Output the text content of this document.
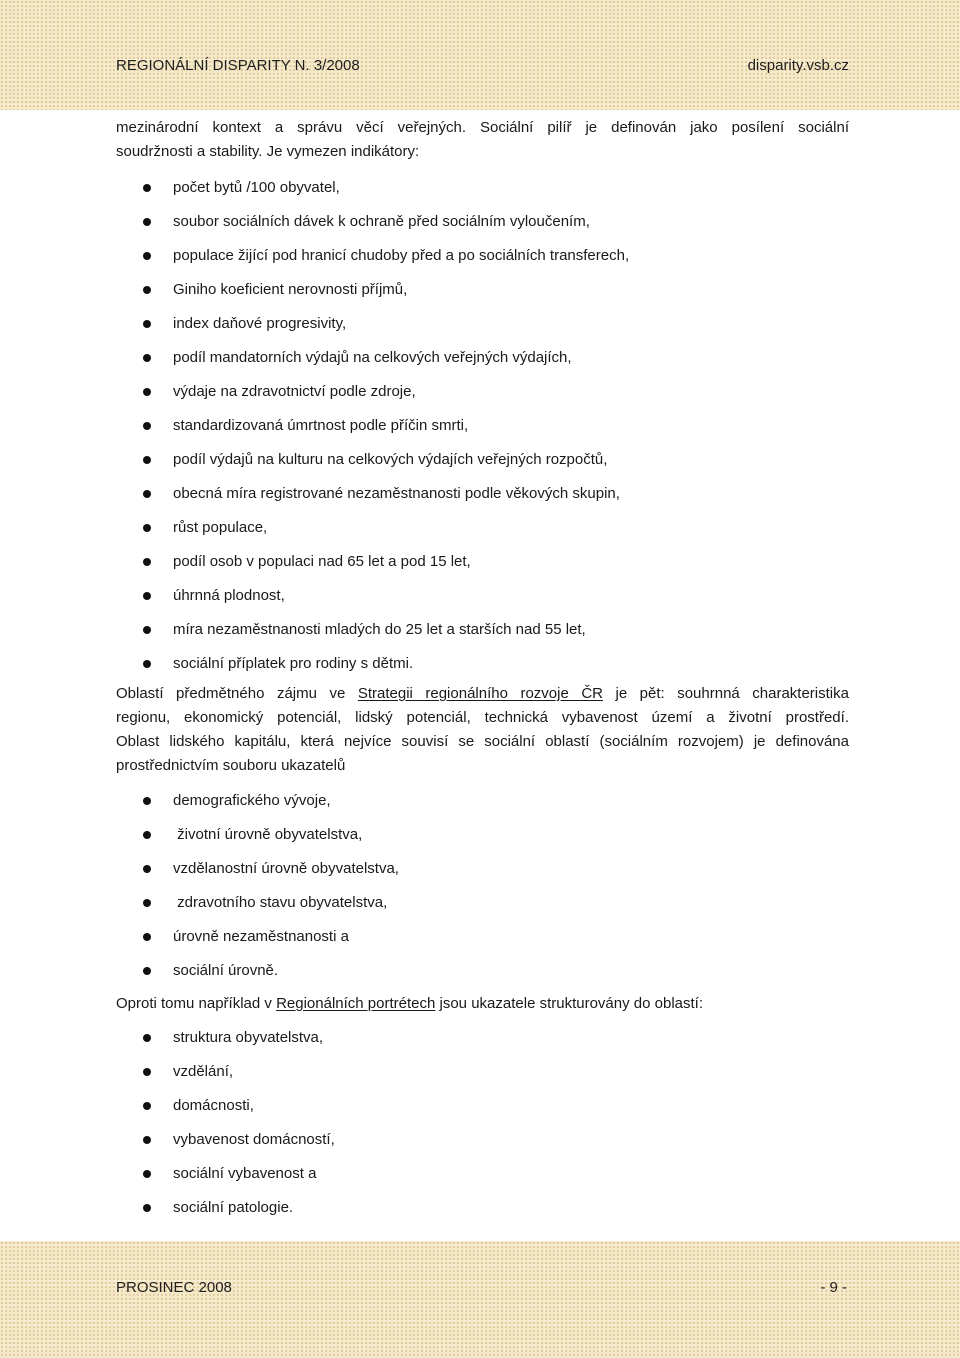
REGIONÁLNÍ DISPARITY N. 3/2008	disparity.vsb.cz

mezinárodní kontext a správu věcí veřejných. Sociální pilíř je definován jako posílení sociální
soudržnosti a stability. Je vymezen indikátory:

počet bytů /100 obyvatel,
soubor sociálních dávek k ochraně před sociálním vyloučením,
populace žijící pod hranicí chudoby před a po sociálních transferech,
Giniho koeficient nerovnosti příjmů,
index daňové progresivity,
podíl mandatorních výdajů na celkových veřejných výdajích,
výdaje na zdravotnictví podle zdroje,
standardizovaná úmrtnost podle příčin smrti,
podíl výdajů na kulturu na celkových výdajích veřejných rozpočtů,
obecná míra registrované nezaměstnanosti podle věkových skupin,
růst populace,
podíl osob v populaci nad 65 let a pod 15 let,
úhrnná plodnost,
míra nezaměstnanosti mladých do 25 let a starších nad 55 let,
sociální příplatek pro rodiny s dětmi.

Oblastí předmětného zájmu ve Strategii regionálního rozvoje ČR je pět: souhrnná charakteristika
regionu, ekonomický potenciál, lidský potenciál, technická vybavenost území a životní prostředí.
Oblast lidského kapitálu, která nejvíce souvisí se sociální oblastí (sociálním rozvojem) je definována
prostřednictvím souboru ukazatelů

demografického vývoje,
životní úrovně obyvatelstva,
vzdělanostní úrovně obyvatelstva,
zdravotního stavu obyvatelstva,
úrovně nezaměstnanosti a
sociální úrovně.

Oproti tomu například v Regionálních portrétech jsou ukazatele strukturovány do oblastí:

struktura obyvatelstva,
vzdělání,
domácnosti,
vybavenost domácností,
sociální vybavenost a
sociální patologie.
PROSINEC 2008	- 9 -
